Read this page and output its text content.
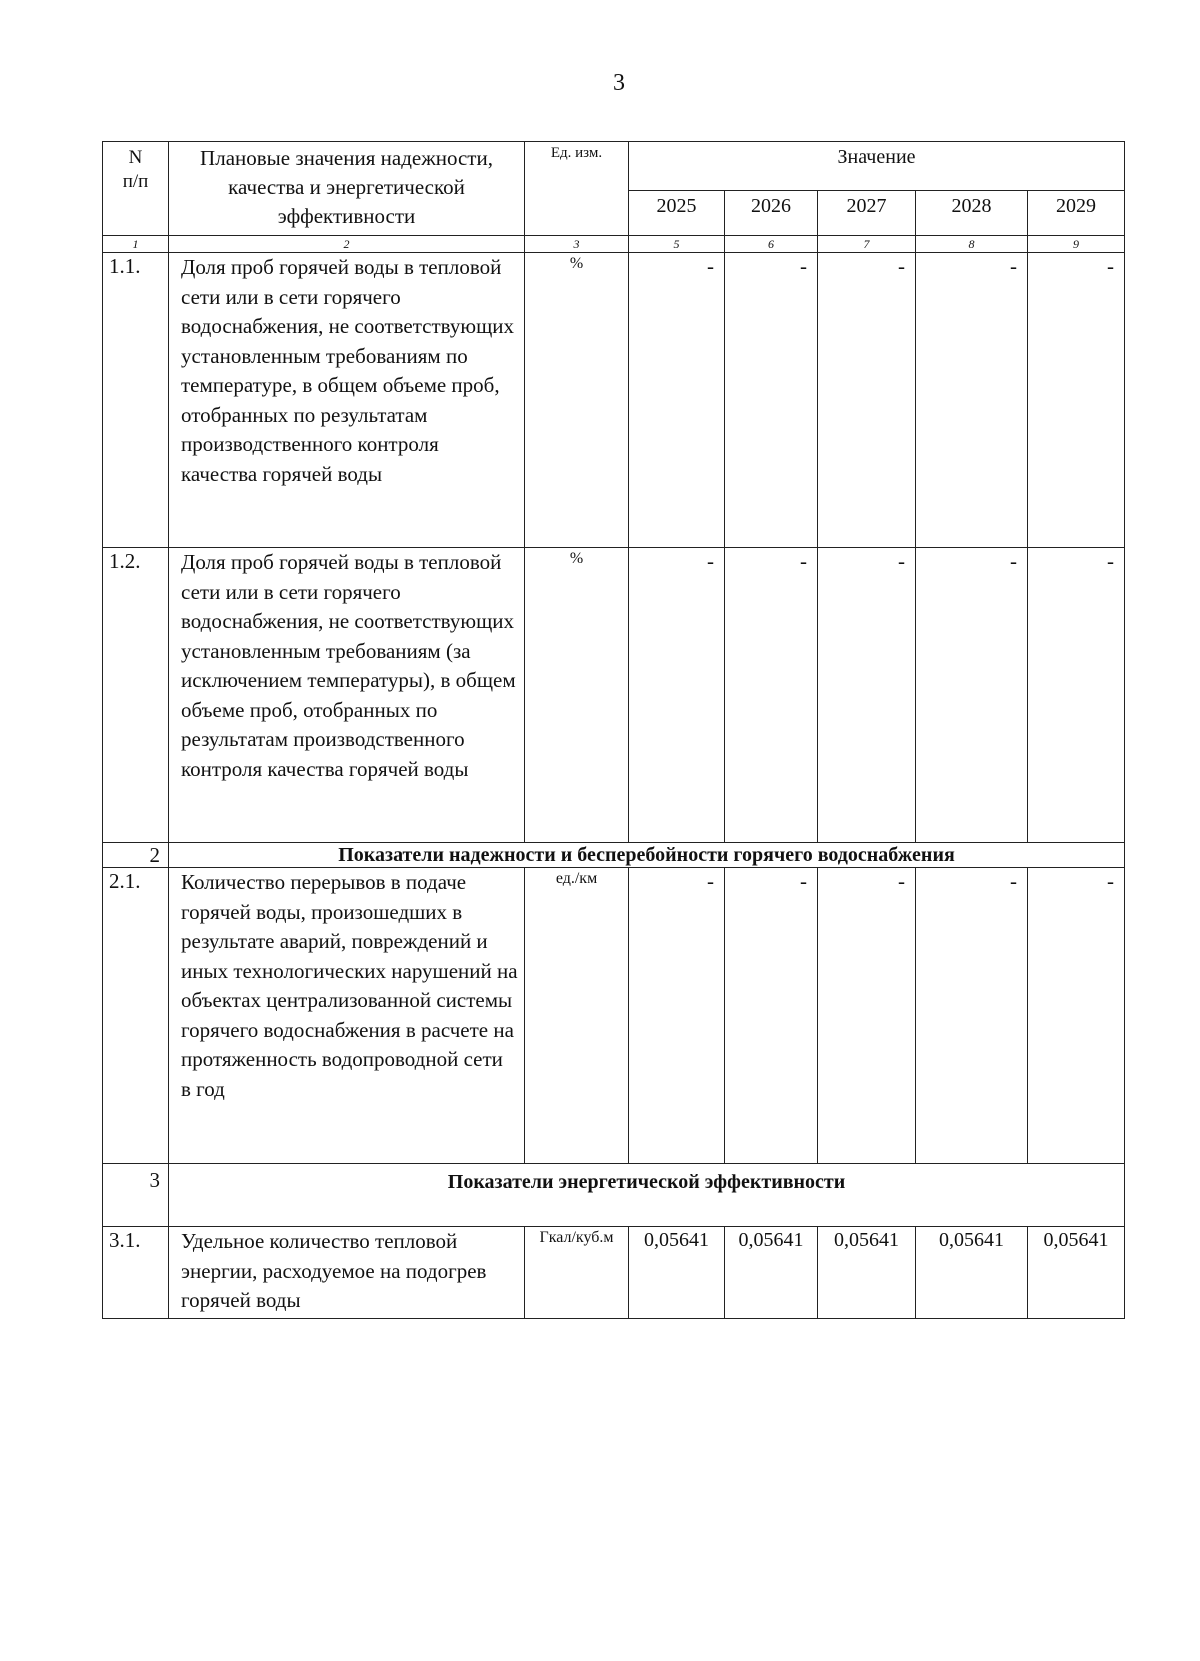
3
N
п/п	Плановые значения надежности, качества и энергетической эффективности	Ед. изм.	Значение				
			2025	2026	2027	2028	2029
1	2	3	5	6	7	8	9
1.1.	Доля проб горячей воды в тепловой сети или в сети горячего водоснабжения, не соответствующих установленным требованиям по температуре, в общем объеме проб, отобранных по результатам производственного контроля качества горячей воды	%	-	-	-	-	-
1.2.	Доля проб горячей воды в тепловой сети или в сети горячего водоснабжения, не соответствующих установленным требованиям (за исключением температуры), в общем объеме проб, отобранных по результатам производственного контроля качества горячей воды	%	-	-	-	-	-
2	Показатели надежности и бесперебойности горячего водоснабжения						
2.1.	Количество перерывов в подаче горячей воды, произошедших в результате аварий, повреждений и иных технологических нарушений на объектах централизованной системы горячего водоснабжения в расчете на протяженность водопроводной сети в год	ед./км	-	-	-	-	-
3	Показатели энергетической эффективности						
3.1.	Удельное количество тепловой энергии, расходуемое на подогрев горячей воды	Гкал/куб.м	0,05641	0,05641	0,05641	0,05641	0,05641
